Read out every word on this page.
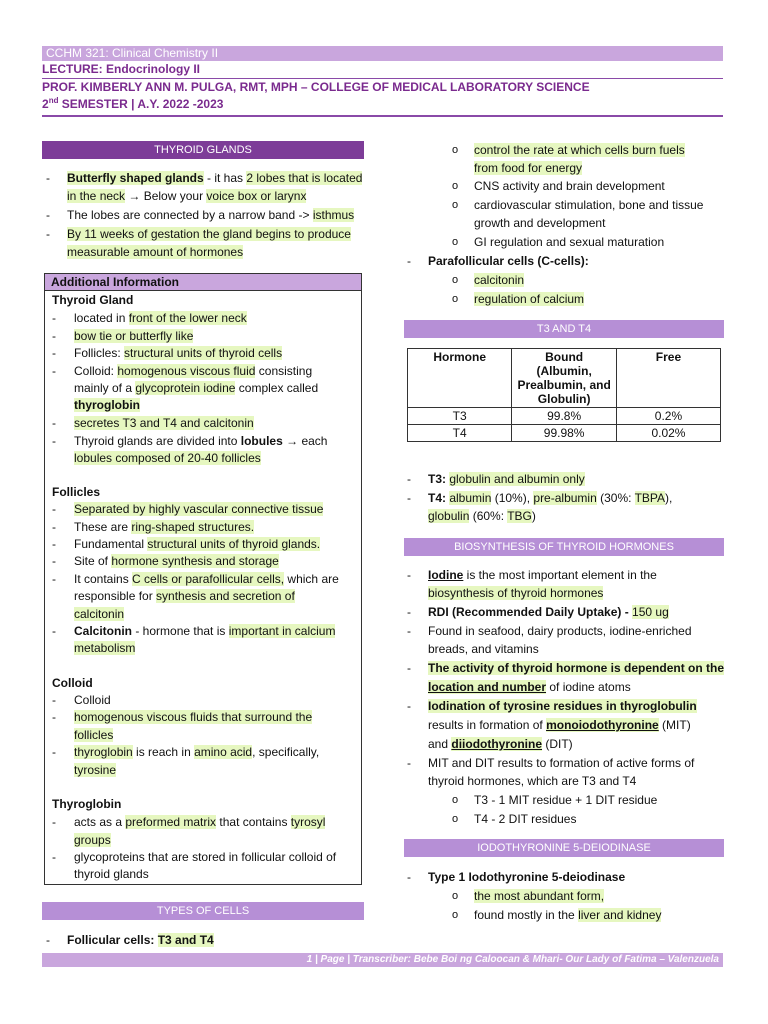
CCHM 321: Clinical Chemistry II
LECTURE: Endocrinology II
PROF. KIMBERLY ANN M. PULGA, RMT, MPH – COLLEGE OF MEDICAL LABORATORY SCIENCE
2nd SEMESTER | A.Y. 2022 -2023
THYROID GLANDS
- Butterfly shaped glands - it has 2 lobes that is located
in the neck → Below your voice box or larynx
- The lobes are connected by a narrow band -> isthmus
- By 11 weeks of gestation the gland begins to produce
measurable amount of hormones
Additional Information
Thyroid Gland
- located in front of the lower neck
- bow tie or butterfly like
- Follicles: structural units of thyroid cells
- Colloid: homogenous viscous fluid consisting
mainly of a glycoprotein iodine complex called
thyroglobin
- secretes T3 and T4 and calcitonin
- Thyroid glands are divided into lobules → each
lobules composed of 20-40 follicles
Follicles
- Separated by highly vascular connective tissue
- These are ring-shaped structures.
- Fundamental structural units of thyroid glands.
- Site of hormone synthesis and storage
- It contains C cells or parafollicular cells, which are
responsible for synthesis and secretion of
calcitonin
- Calcitonin - hormone that is important in calcium
metabolism
Colloid
- Colloid
- homogenous viscous fluids that surround the
follicles
- thyroglobin is reach in amino acid, specifically,
tyrosine
Thyroglobin
- acts as a preformed matrix that contains tyrosyl
groups
- glycoproteins that are stored in follicular colloid of
thyroid glands
TYPES OF CELLS
- Follicular cells: T3 and T4
o control the rate at which cells burn fuels
from food for energy
o CNS activity and brain development
o cardiovascular stimulation, bone and tissue
growth and development
o GI regulation and sexual maturation
- Parafollicular cells (C-cells):
o calcitonin
o regulation of calcium
T3 AND T4
Hormone	Bound (Albumin, Prealbumin, and Globulin)	Free
T3	99.8%	0.2%
T4	99.98%	0.02%
- T3: globulin and albumin only
- T4: albumin (10%), pre-albumin (30%: TBPA),
globulin (60%: TBG)
BIOSYNTHESIS OF THYROID HORMONES
- Iodine is the most important element in the
biosynthesis of thyroid hormones
- RDI (Recommended Daily Uptake) - 150 ug
- Found in seafood, dairy products, iodine-enriched
breads, and vitamins
- The activity of thyroid hormone is dependent on the
location and number of iodine atoms
- Iodination of tyrosine residues in thyroglobulin
results in formation of monoiodothyronine (MIT)
and diiodothyronine (DIT)
- MIT and DIT results to formation of active forms of
thyroid hormones, which are T3 and T4
o T3 - 1 MIT residue + 1 DIT residue
o T4 - 2 DIT residues
IODOTHYRONINE 5-DEIODINASE
- Type 1 Iodothyronine 5-deiodinase
o the most abundant form,
o found mostly in the liver and kidney
1 | Page | Transcriber: Bebe Boi ng Caloocan & Mhari- Our Lady of Fatima – Valenzuela
